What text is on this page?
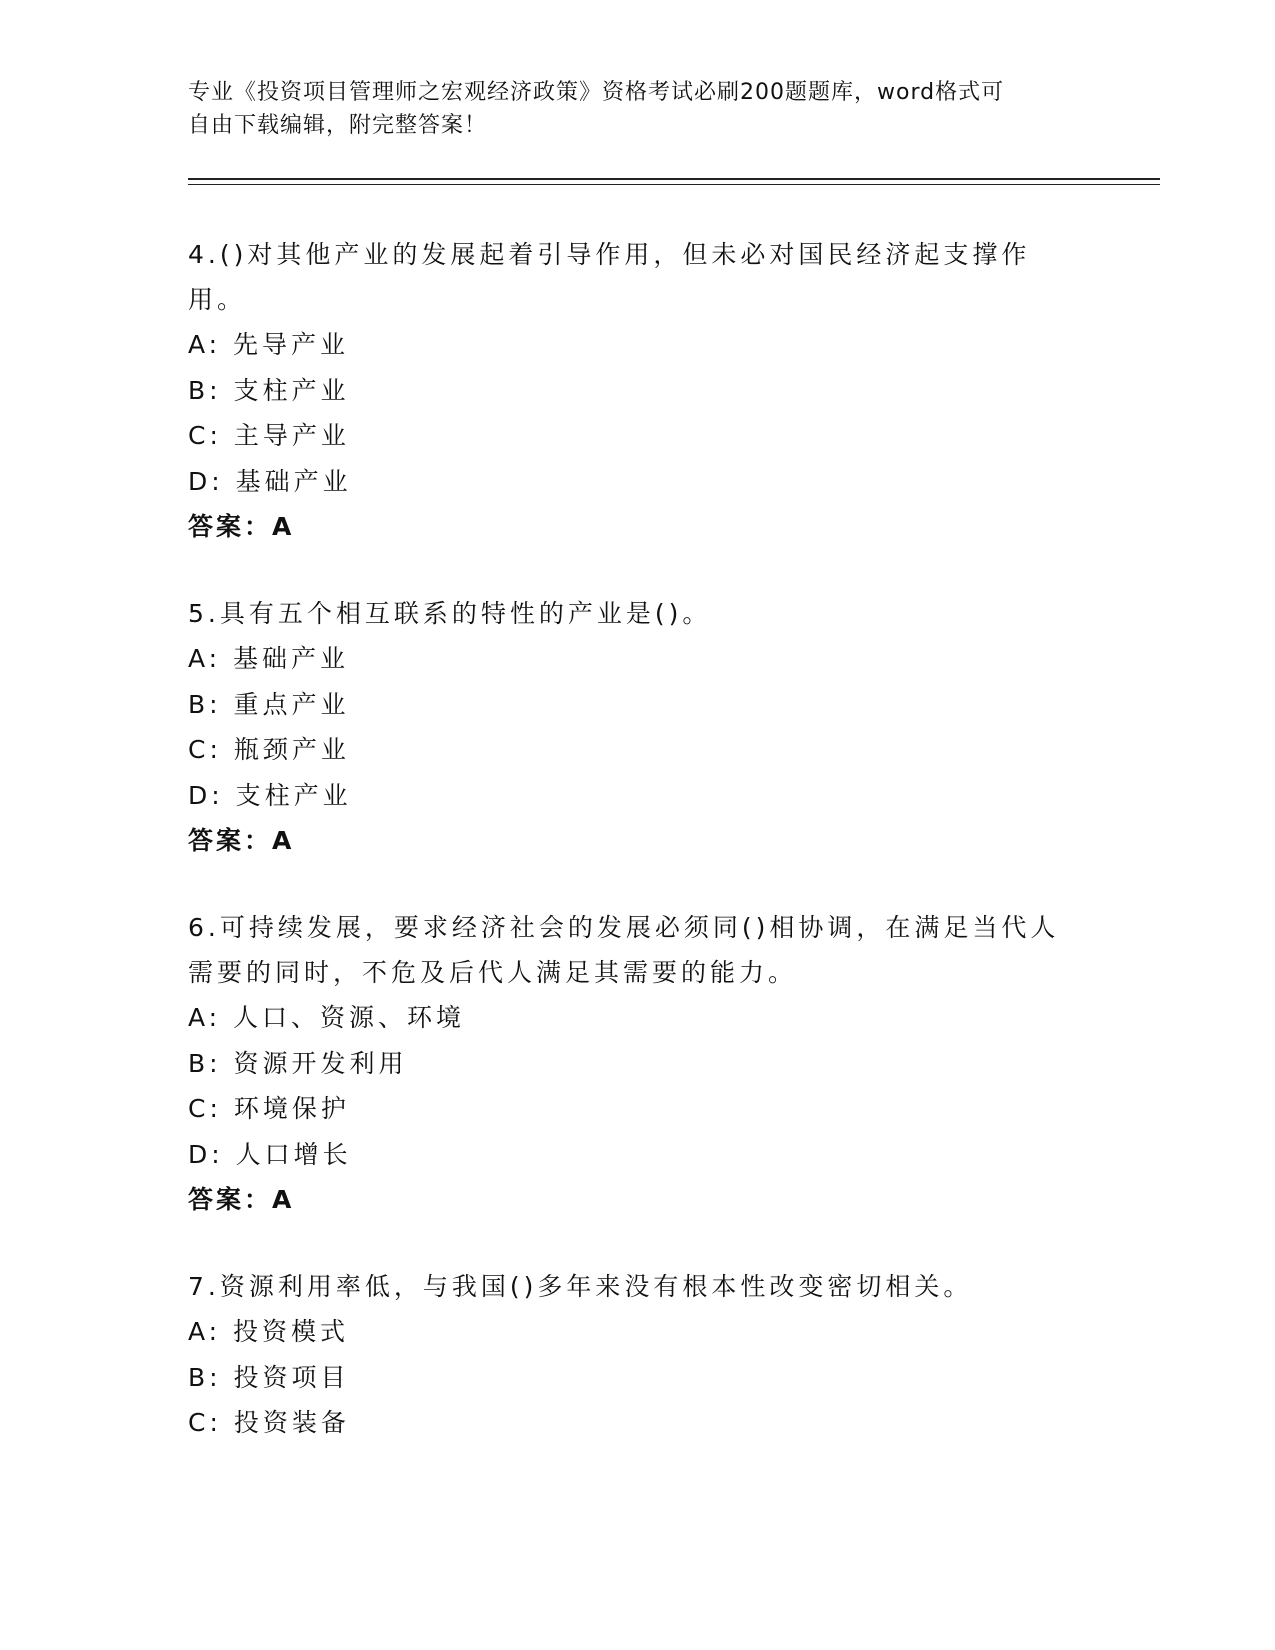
专业《投资项目管理师之宏观经济政策》资格考试必刷200题题库，word格式可
自由下载编辑，附完整答案！
4.()对其他产业的发展起着引导作用，但未必对国民经济起支撑作用。
A: 先导产业
B: 支柱产业
C: 主导产业
D: 基础产业
答案：A
5.具有五个相互联系的特性的产业是()。
A: 基础产业
B: 重点产业
C: 瓶颈产业
D: 支柱产业
答案：A
6.可持续发展，要求经济社会的发展必须同()相协调，在满足当代人需要的同时，不危及后代人满足其需要的能力。
A: 人口、资源、环境
B: 资源开发利用
C: 环境保护
D: 人口增长
答案：A
7.资源利用率低，与我国()多年来没有根本性改变密切相关。
A: 投资模式
B: 投资项目
C: 投资装备
